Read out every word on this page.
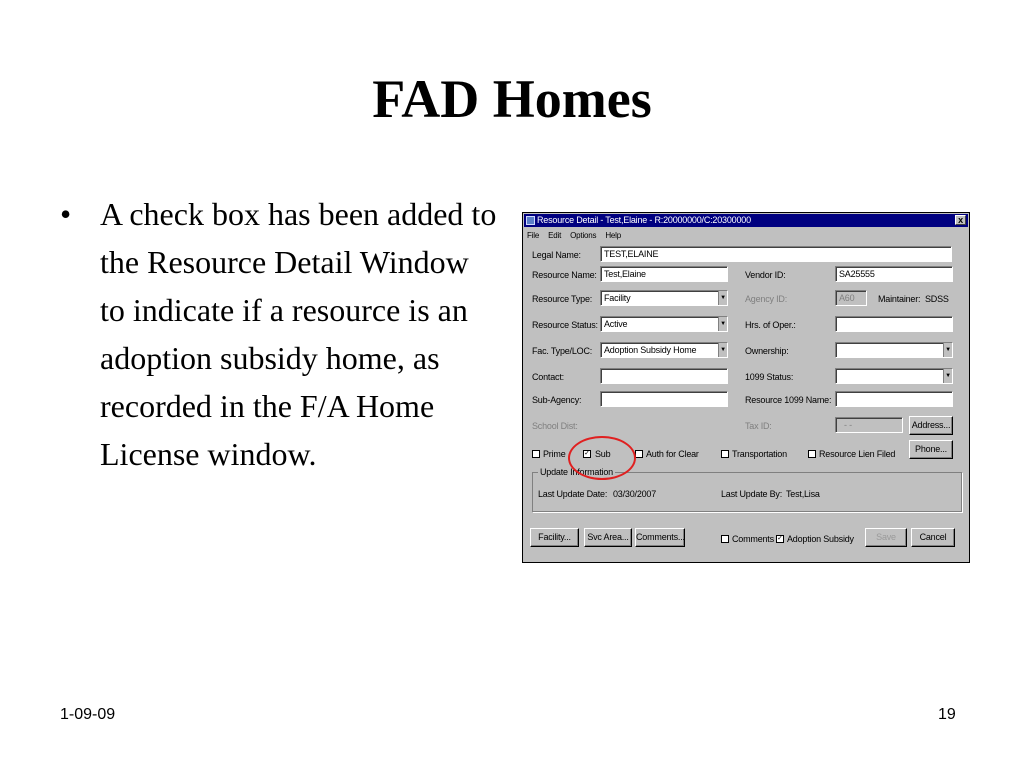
FAD Homes
• A check box has been added to the Resource Detail Window to indicate if a resource is an adoption subsidy home, as recorded in the F/A Home License window.
Resource Detail - Test,Elaine - R:20000000/C:20300000	x
File Edit Options Help
Legal Name:	TEST,ELAINE
Resource Name: Test,Elaine	Vendor ID:	SA25555
Resource Type:	Facility	▼ Agency ID:	A60	Maintainer: SDSS
Resource Status: Active	▼ Hrs. of Oper.:
Fac. Type/LOC:	Adoption Subsidy Home	▼ Ownership:	▼
Contact:	1099 Status:	▼
Sub-Agency:	Resource 1099 Name:
School Dist:	Tax ID:	- -	Address...
Prime	✓ Sub	Auth for Clear	Transportation	Resource Lien Filed	Phone...
Update Information
Last Update Date: 03/30/2007	Last Update By: Test,Lisa
Facility...	Svc Area... Comments...	Comments ✓ Adoption Subsidy	Save	Cancel
1-09-09	19
